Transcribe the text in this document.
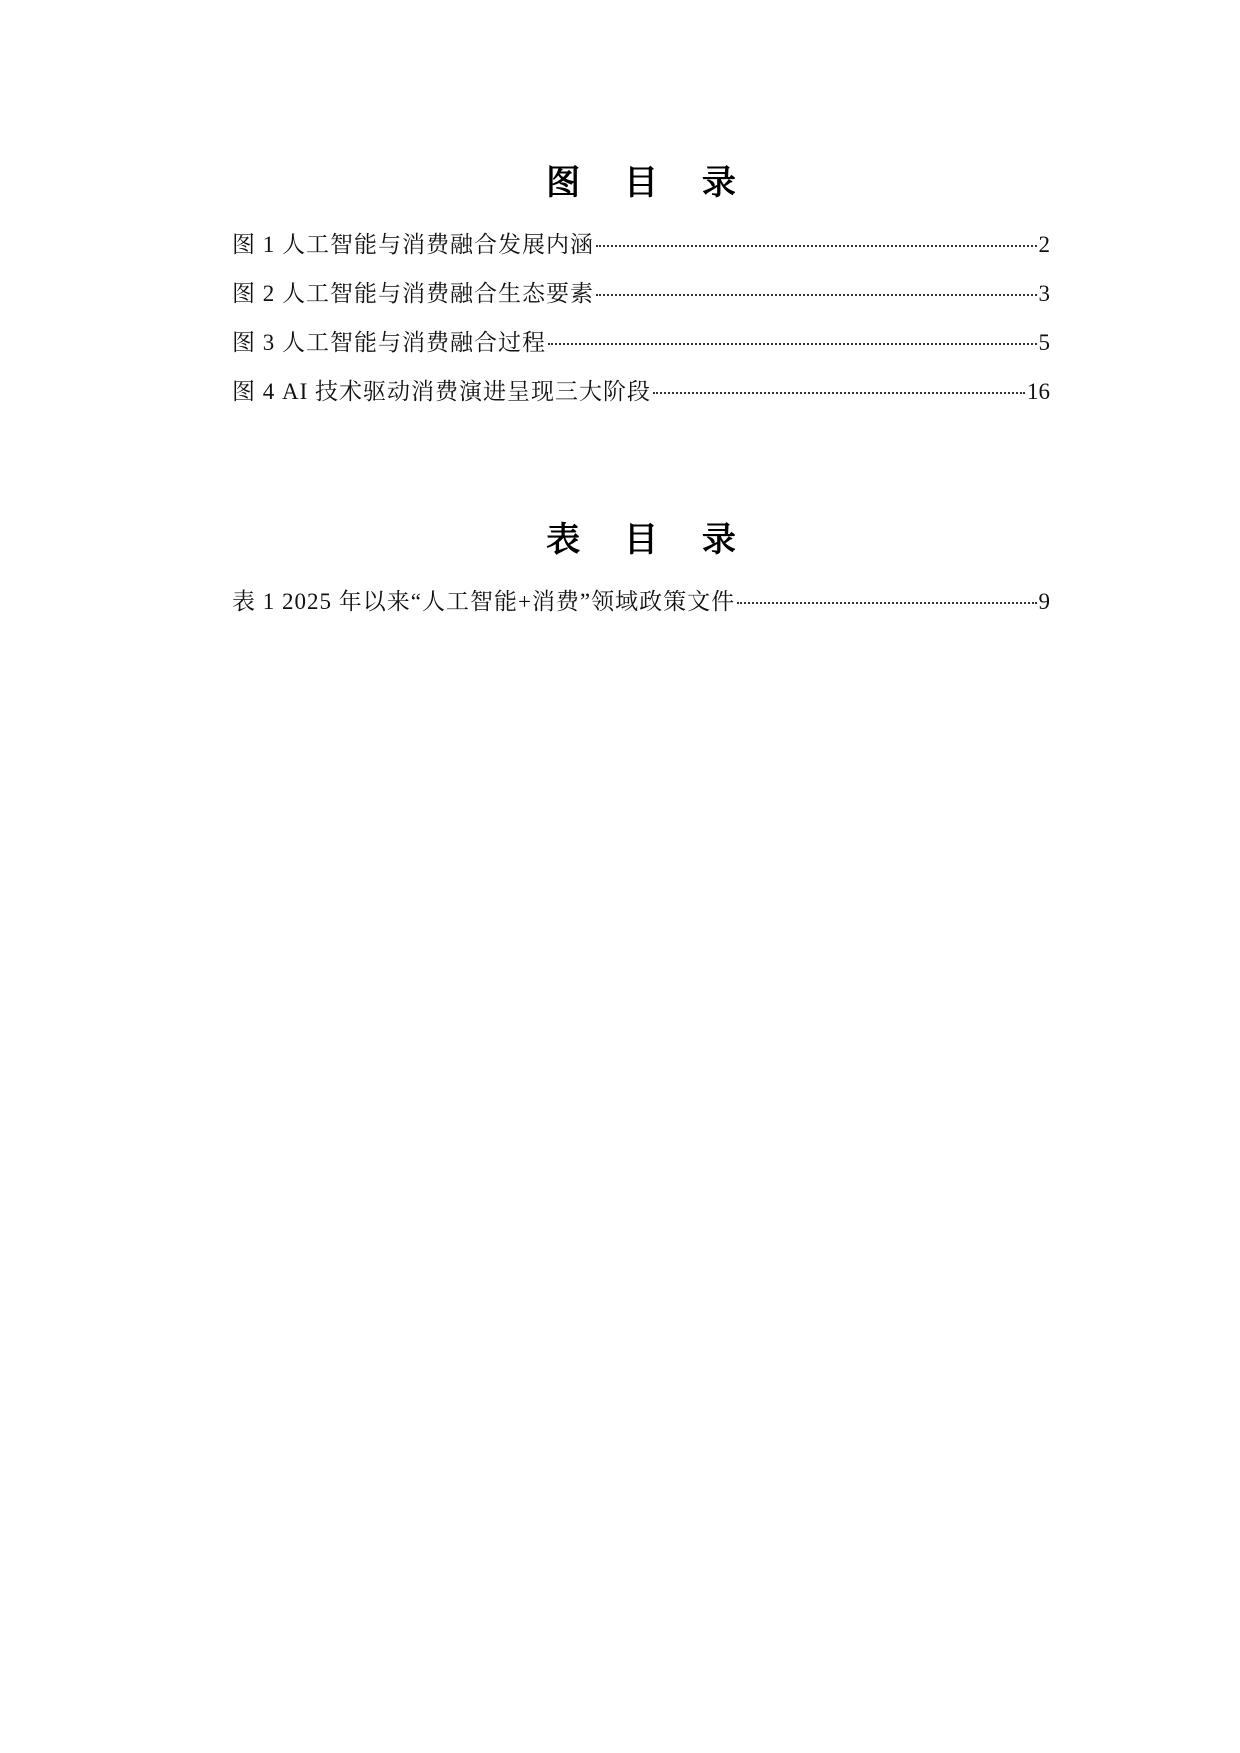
图 目 录
图 1 人工智能与消费融合发展内涵	2
图 2 人工智能与消费融合生态要素	3
图 3 人工智能与消费融合过程	5
图 4 AI 技术驱动消费演进呈现三大阶段	16
表 目 录
表 1 2025 年以来“人工智能+消费”领域政策文件	9
